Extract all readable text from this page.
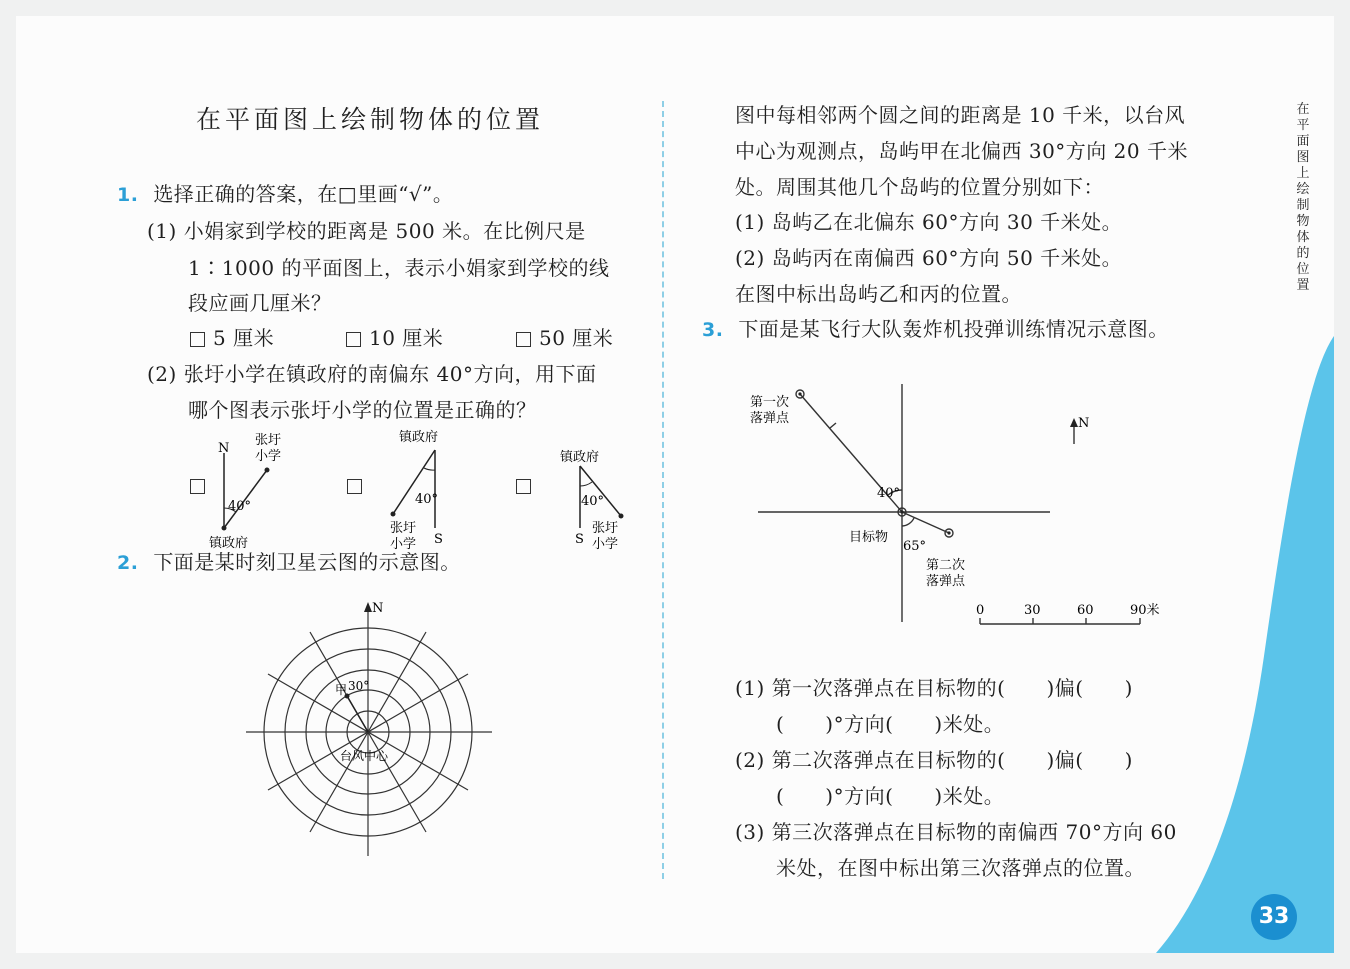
在平面图上绘制物体的位置
在平面图上绘制物体的位置
1. 选择正确的答案，在□里画“√”。
(1) 小娟家到学校的距离是 500 米。在比例尺是
1∶1000 的平面图上，表示小娟家到学校的线
段应画几厘米？
5 厘米	10 厘米	50 厘米
(2) 张圩小学在镇政府的南偏东 40°方向，用下面
哪个图表示张圩小学的位置是正确的？
N
张圩
小学
40°
镇政府
镇政府
40°
张圩
小学 S
镇政府
40°
S
张圩
小学
2. 下面是某时刻卫星云图的示意图。
N
30°
甲
台风中心
图中每相邻两个圆之间的距离是 10 千米，以台风
中心为观测点，岛屿甲在北偏西 30°方向 20 千米
处。周围其他几个岛屿的位置分别如下：
(1) 岛屿乙在北偏东 60°方向 30 千米处。
(2) 岛屿丙在南偏西 60°方向 50 千米处。
在图中标出岛屿乙和丙的位置。
3. 下面是某飞行大队轰炸机投弹训练情况示意图。
第一次
落弹点
40°
目标物
65°
第二次
落弹点
N
0	30	60	90米
(1) 第一次落弹点在目标物的(　　)偏(　　)
(　　)°方向(　　)米处。
(2) 第二次落弹点在目标物的(　　)偏(　　)
(　　)°方向(　　)米处。
(3) 第三次落弹点在目标物的南偏西 70°方向 60
米处，在图中标出第三次落弹点的位置。
33
